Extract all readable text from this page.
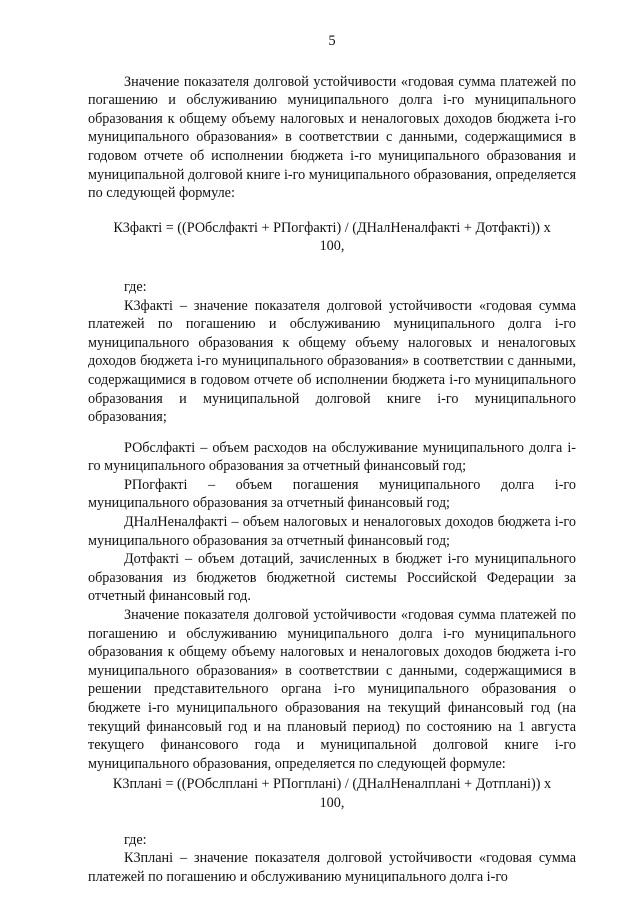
5

Значение показателя долговой устойчивости «годовая сумма платежей по погашению и обслуживанию муниципального долга i-го муниципального образования к общему объему налоговых и неналоговых доходов бюджета i-го муниципального образования» в соответствии с данными, содержащимися в годовом отчете об исполнении бюджета i-го муниципального образования и муниципальной долговой книге i-го муниципального образования, определяется по следующей формуле:

К3факті = ((РОбслфакті + РПогфакті) / (ДНалНеналфакті + Дотфакті)) x
100,

где:

К3факті – значение показателя долговой устойчивости «годовая сумма платежей по погашению и обслуживанию муниципального долга i-го муниципального образования к общему объему налоговых и неналоговых доходов бюджета i-го муниципального образования» в соответствии с данными, содержащимися в годовом отчете об исполнении бюджета i-го муниципального образования и муниципальной долговой книге i-го муниципального образования;

РОбслфакті – объем расходов на обслуживание муниципального долга i-го муниципального образования за отчетный финансовый год;

РПогфакті – объем погашения муниципального долга i-го муниципального образования за отчетный финансовый год;

ДНалНеналфакті – объем налоговых и неналоговых доходов бюджета i-го муниципального образования за отчетный финансовый год;

Дотфакті – объем дотаций, зачисленных в бюджет i-го муниципального образования из бюджетов бюджетной системы Российской Федерации за отчетный финансовый год.

Значение показателя долговой устойчивости «годовая сумма платежей по погашению и обслуживанию муниципального долга i-го муниципального образования к общему объему налоговых и неналоговых доходов бюджета i-го муниципального образования» в соответствии с данными, содержащимися в решении представительного органа i-го муниципального образования о бюджете i-го муниципального образования на текущий финансовый год (на текущий финансовый год и на плановый период) по состоянию на 1 августа текущего финансового года и муниципальной долговой книге i-го муниципального образования, определяется по следующей формуле:

К3плані = ((РОбслплані + РПогплані) / (ДНалНеналплані + Дотплані)) x
100,

где:

К3плані – значение показателя долговой устойчивости «годовая сумма платежей по погашению и обслуживанию муниципального долга i-го
